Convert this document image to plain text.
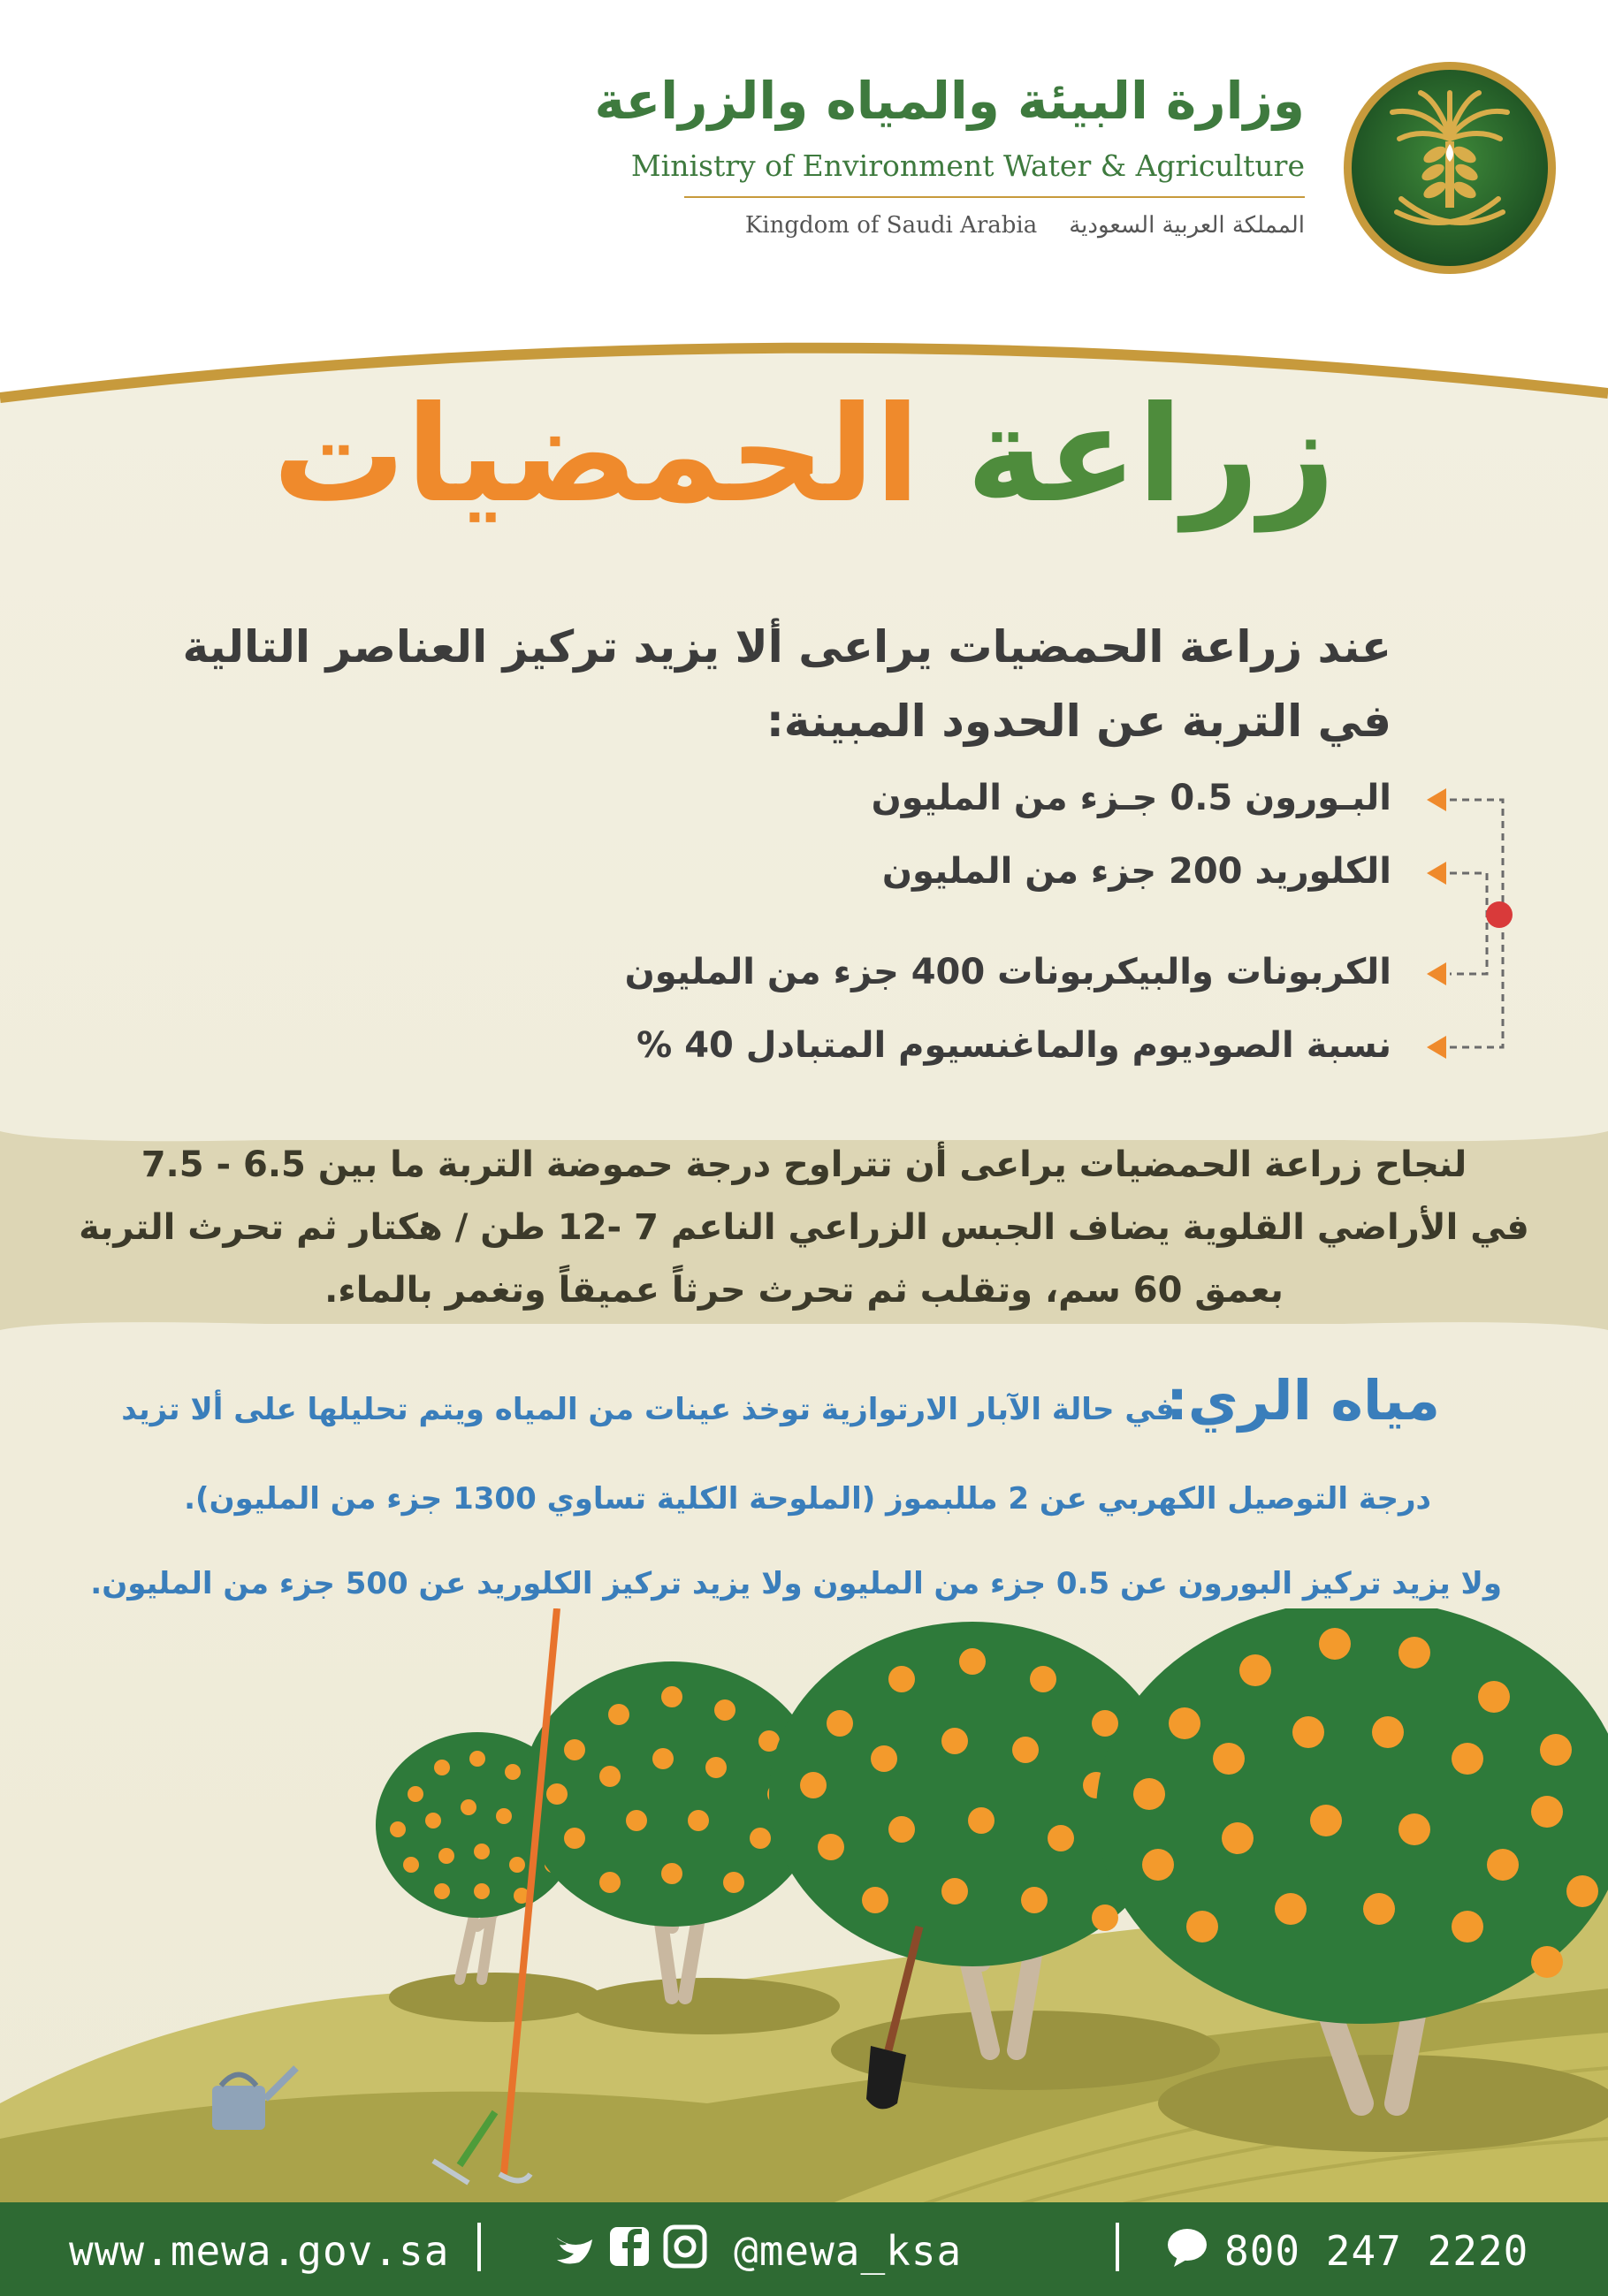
وزارة البيئة والمياه والزراعة
Ministry of Environment Water & Agriculture
Kingdom of Saudi Arabia المملكة العربية السعودية
زراعة الحمضيات
عند زراعة الحمضيات يراعى ألا يزيد تركيز العناصر التالية في التربة عن الحدود المبينة:
البـورون 0.5 جـزء من المليون
الكلوريد 200 جزء من المليون
الكربونات والبيكربونات 400 جزء من المليون
نسبة الصوديوم والماغنسيوم المتبادل 40 %
لنجاح زراعة الحمضيات يراعى أن تتراوح درجة حموضة التربة ما بين 6.5 - 7.5
في الأراضي القلوية يضاف الجبس الزراعي الناعم 7 -12 طن / هكتار ثم تحرث التربة
بعمق 60 سم، وتقلب ثم تحرث حرثاً عميقاً وتغمر بالماء.
مياه الري:
في حالة الآبار الارتوازية توخذ عينات من المياه ويتم تحليلها على ألا تزيد
درجة التوصيل الكهربي عن 2 مللبموز (الملوحة الكلية تساوي 1300 جزء من المليون).
ولا يزيد تركيز البورون عن 0.5 جزء من المليون ولا يزيد تركيز الكلوريد عن 500 جزء من المليون.
www.mewa.gov.sa	@mewa_ksa	800 247 2220
